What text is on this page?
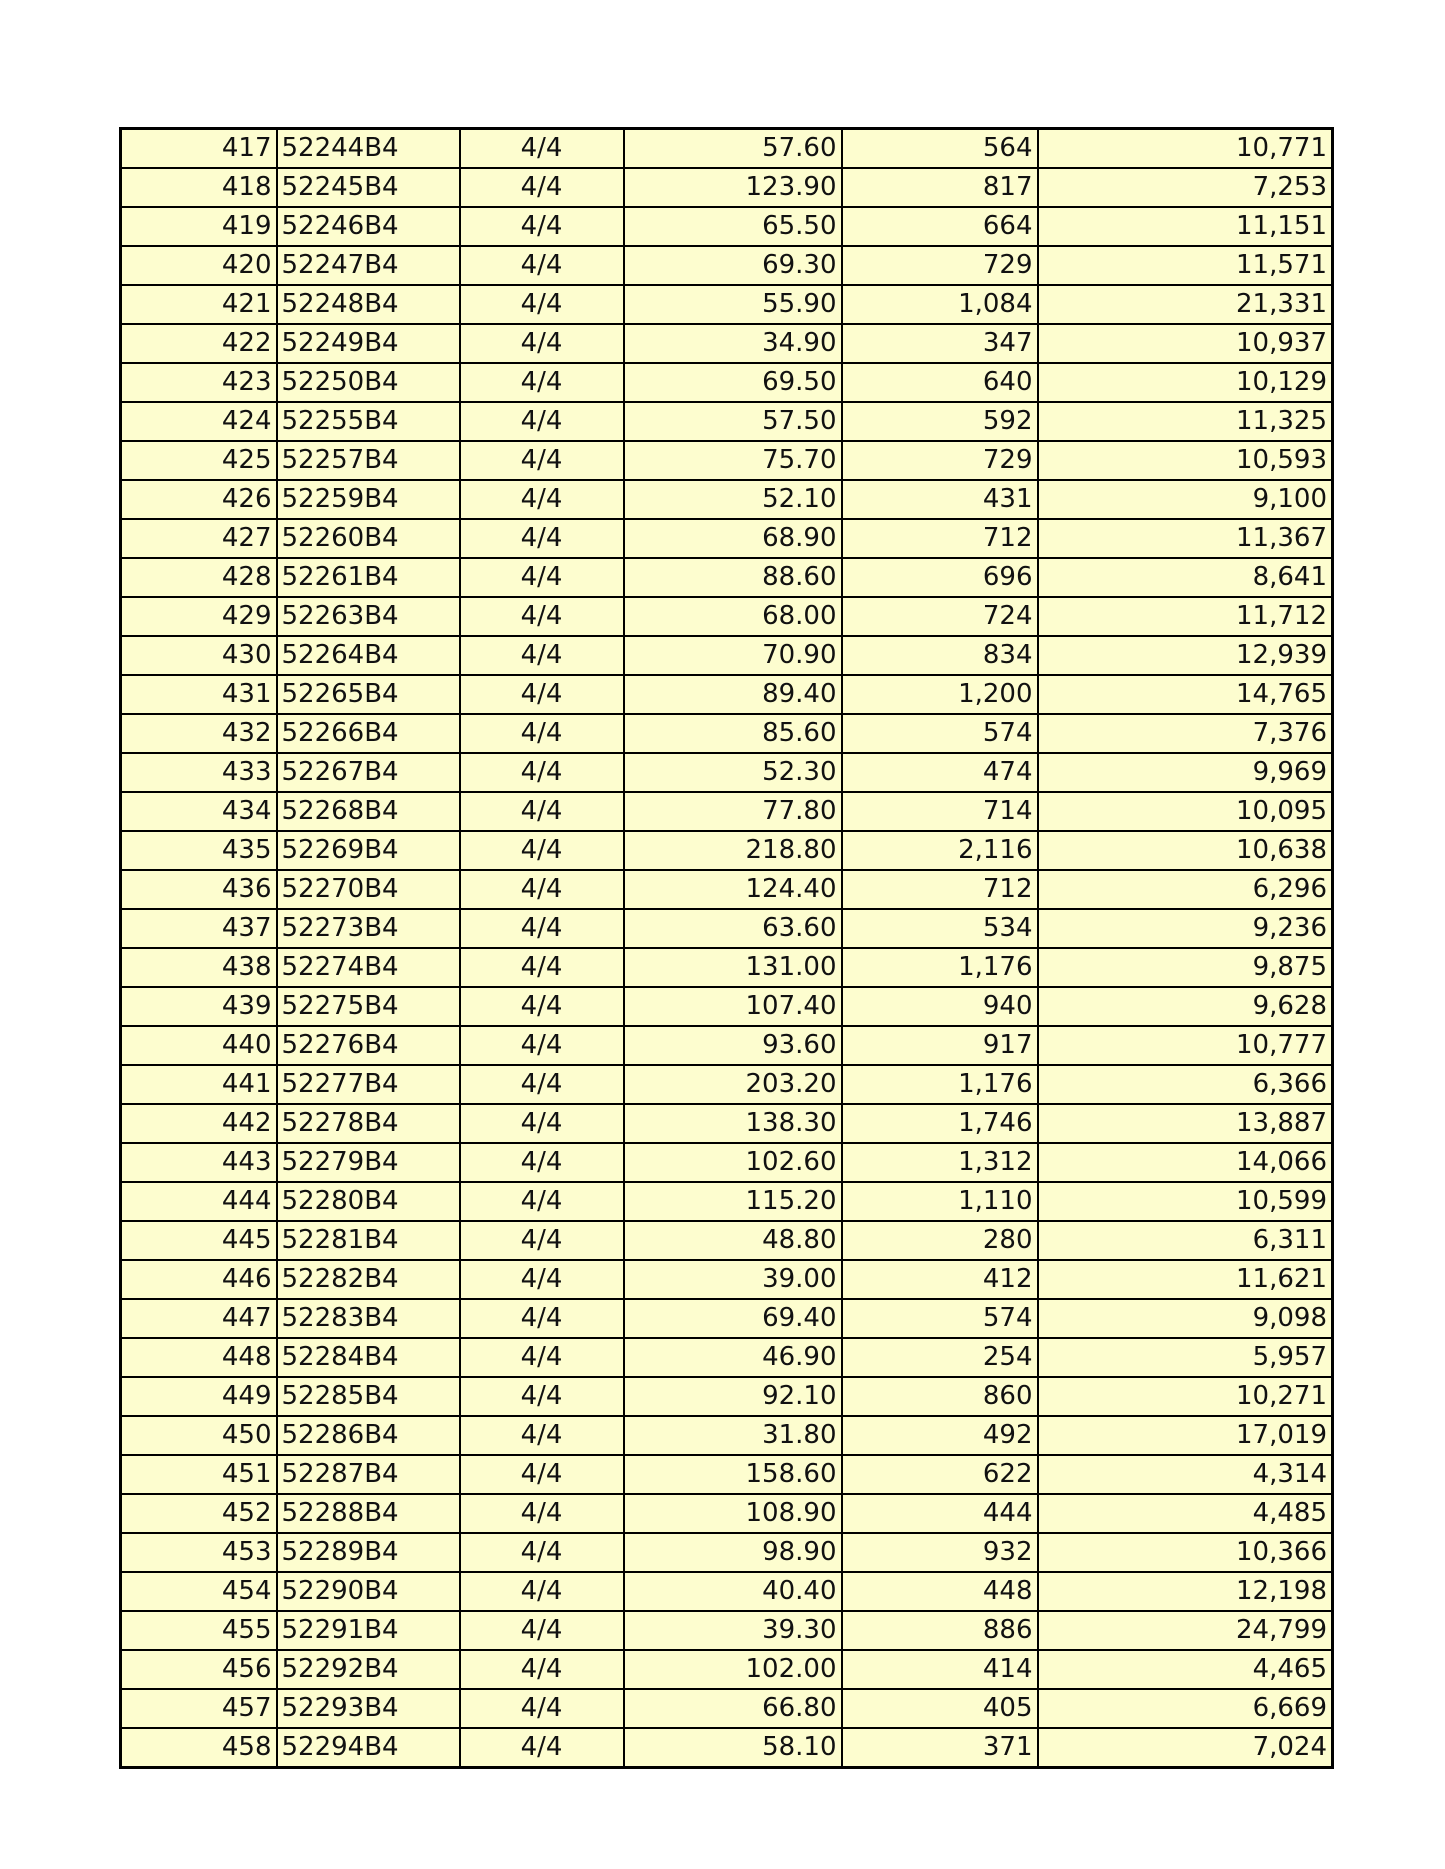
417	52244B4	4/4	57.60	564	10,771
418	52245B4	4/4	123.90	817	7,253
419	52246B4	4/4	65.50	664	11,151
420	52247B4	4/4	69.30	729	11,571
421	52248B4	4/4	55.90	1,084	21,331
422	52249B4	4/4	34.90	347	10,937
423	52250B4	4/4	69.50	640	10,129
424	52255B4	4/4	57.50	592	11,325
425	52257B4	4/4	75.70	729	10,593
426	52259B4	4/4	52.10	431	9,100
427	52260B4	4/4	68.90	712	11,367
428	52261B4	4/4	88.60	696	8,641
429	52263B4	4/4	68.00	724	11,712
430	52264B4	4/4	70.90	834	12,939
431	52265B4	4/4	89.40	1,200	14,765
432	52266B4	4/4	85.60	574	7,376
433	52267B4	4/4	52.30	474	9,969
434	52268B4	4/4	77.80	714	10,095
435	52269B4	4/4	218.80	2,116	10,638
436	52270B4	4/4	124.40	712	6,296
437	52273B4	4/4	63.60	534	9,236
438	52274B4	4/4	131.00	1,176	9,875
439	52275B4	4/4	107.40	940	9,628
440	52276B4	4/4	93.60	917	10,777
441	52277B4	4/4	203.20	1,176	6,366
442	52278B4	4/4	138.30	1,746	13,887
443	52279B4	4/4	102.60	1,312	14,066
444	52280B4	4/4	115.20	1,110	10,599
445	52281B4	4/4	48.80	280	6,311
446	52282B4	4/4	39.00	412	11,621
447	52283B4	4/4	69.40	574	9,098
448	52284B4	4/4	46.90	254	5,957
449	52285B4	4/4	92.10	860	10,271
450	52286B4	4/4	31.80	492	17,019
451	52287B4	4/4	158.60	622	4,314
452	52288B4	4/4	108.90	444	4,485
453	52289B4	4/4	98.90	932	10,366
454	52290B4	4/4	40.40	448	12,198
455	52291B4	4/4	39.30	886	24,799
456	52292B4	4/4	102.00	414	4,465
457	52293B4	4/4	66.80	405	6,669
458	52294B4	4/4	58.10	371	7,024
